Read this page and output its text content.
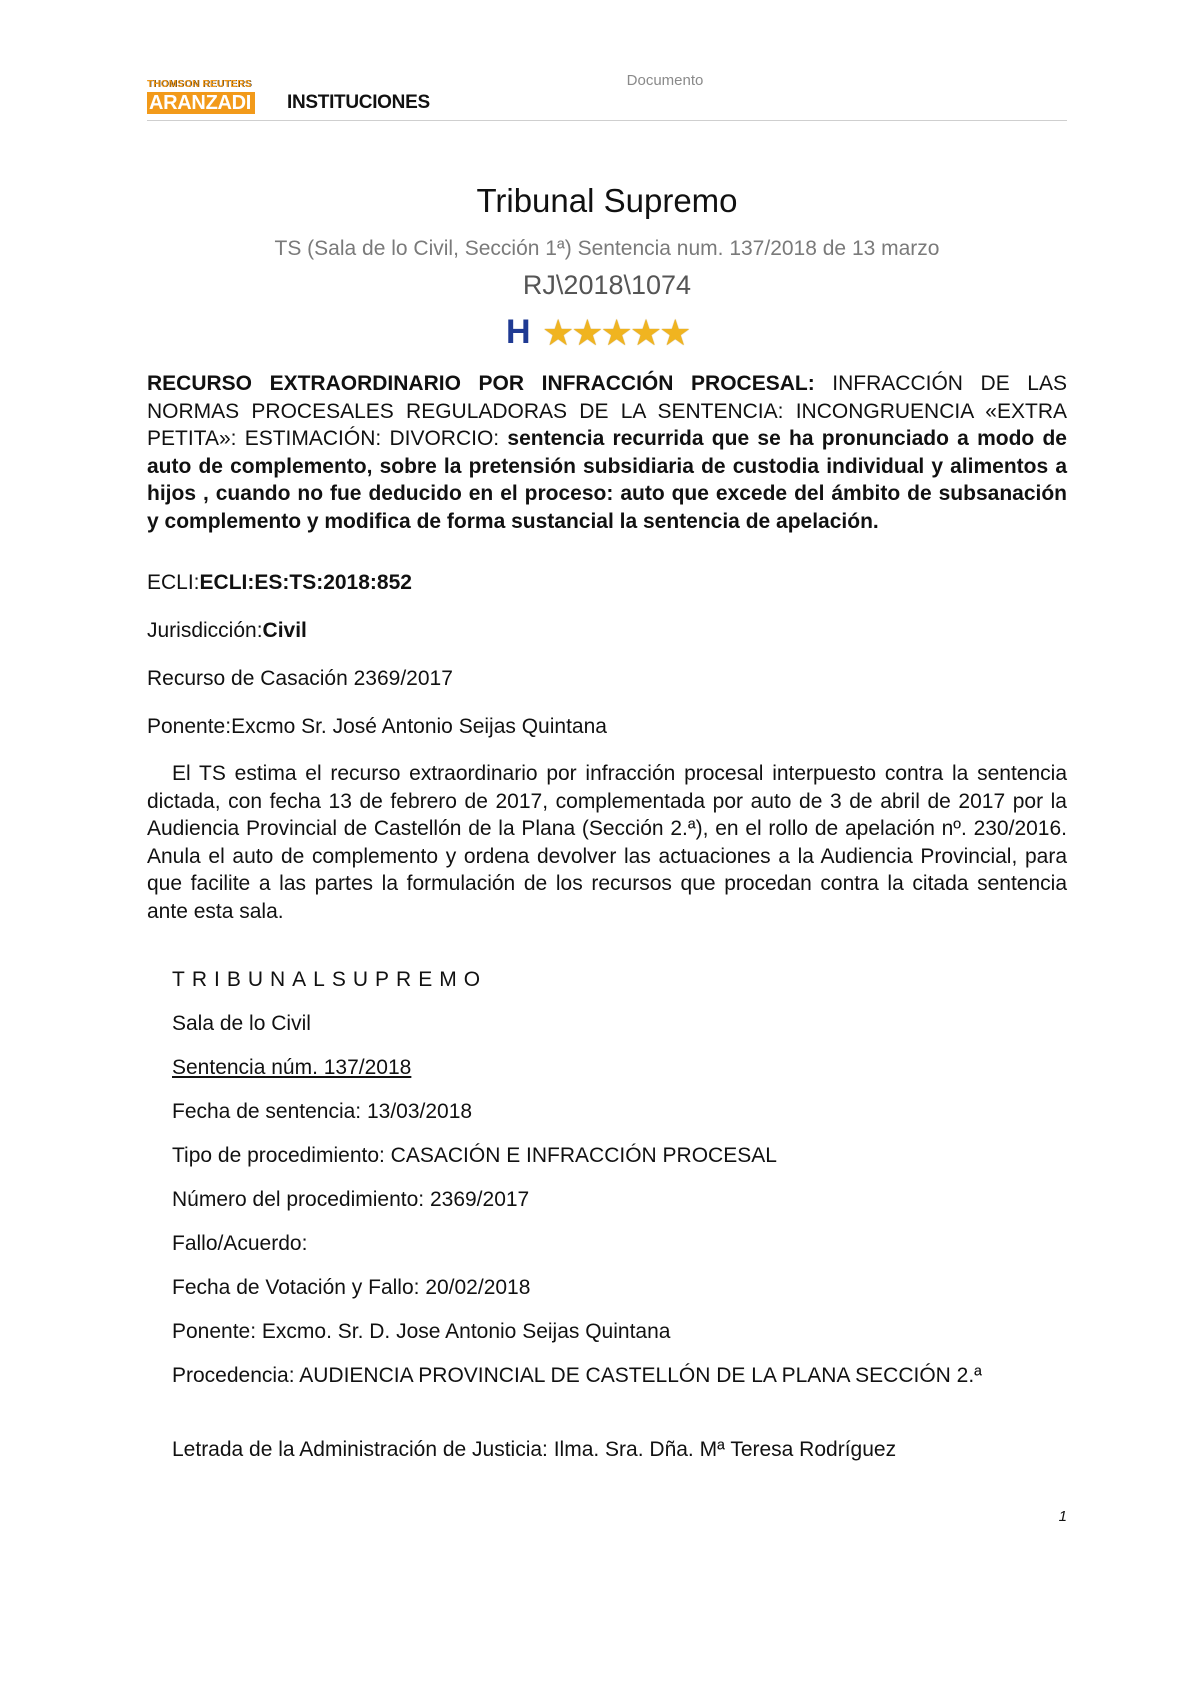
THOMSON REUTERS
ARANZADI INSTITUCIONES
Documento
Tribunal Supremo
TS (Sala de lo Civil, Sección 1ª) Sentencia num. 137/2018 de 13 marzo
RJ\2018\1074
H ★★★★★
RECURSO EXTRAORDINARIO POR INFRACCIÓN PROCESAL: INFRACCIÓN DE LAS NORMAS PROCESALES REGULADORAS DE LA SENTENCIA: INCONGRUENCIA «EXTRA PETITA»: ESTIMACIÓN: DIVORCIO: sentencia recurrida que se ha pronunciado a modo de auto de complemento, sobre la pretensión subsidiaria de custodia individual y alimentos a hijos , cuando no fue deducido en el proceso: auto que excede del ámbito de subsanación y complemento y modifica de forma sustancial la sentencia de apelación.
ECLI:ECLI:ES:TS:2018:852
Jurisdicción:Civil
Recurso de Casación 2369/2017
Ponente:Excmo Sr. José Antonio Seijas Quintana
El TS estima el recurso extraordinario por infracción procesal interpuesto contra la sentencia dictada, con fecha 13 de febrero de 2017, complementada por auto de 3 de abril de 2017 por la Audiencia Provincial de Castellón de la Plana (Sección 2.ª), en el rollo de apelación nº. 230/2016. Anula el auto de complemento y ordena devolver las actuaciones a la Audiencia Provincial, para que facilite a las partes la formulación de los recursos que procedan contra la citada sentencia ante esta sala.
TRIBUNALSUPREMO
Sala de lo Civil
Sentencia núm. 137/2018
Fecha de sentencia: 13/03/2018
Tipo de procedimiento: CASACIÓN E INFRACCIÓN PROCESAL
Número del procedimiento: 2369/2017
Fallo/Acuerdo:
Fecha de Votación y Fallo: 20/02/2018
Ponente: Excmo. Sr. D. Jose Antonio Seijas Quintana
Procedencia: AUDIENCIA PROVINCIAL DE CASTELLÓN DE LA PLANA SECCIÓN 2.ª
Letrada de la Administración de Justicia: Ilma. Sra. Dña. Mª Teresa Rodríguez
1
